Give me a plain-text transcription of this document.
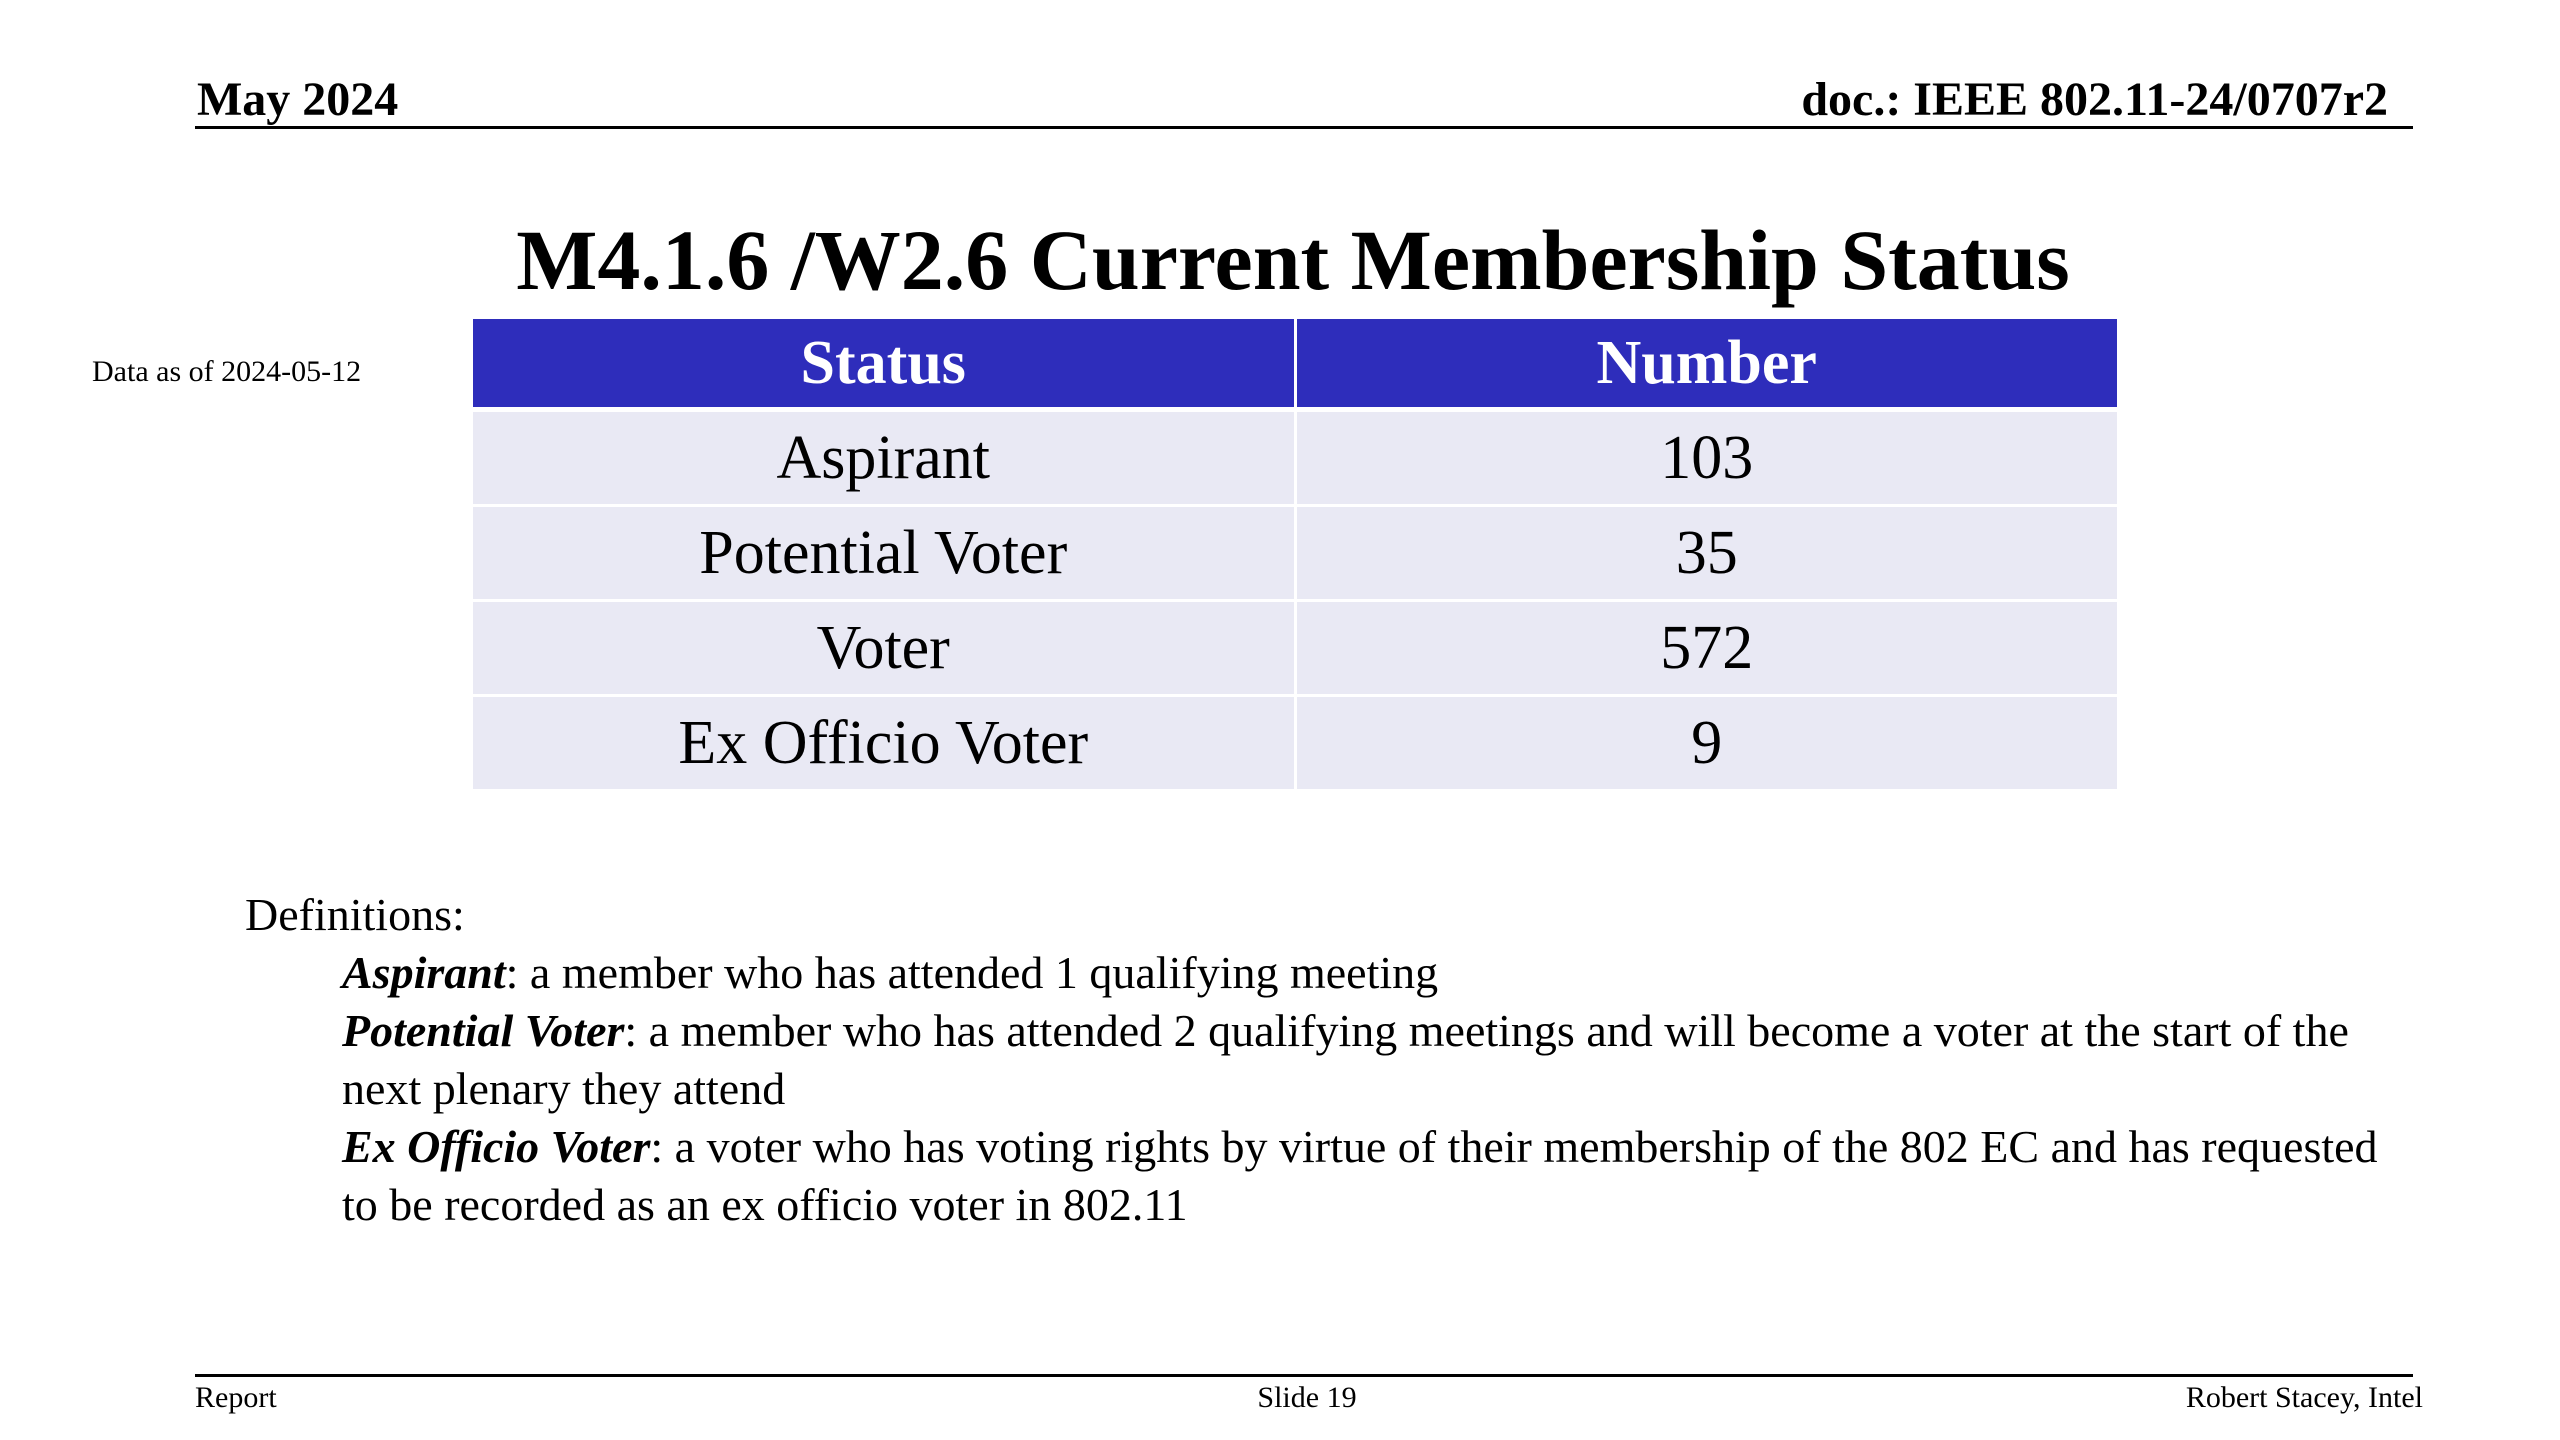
May 2024	doc.: IEEE 802.11-24/0707r2
M4.1.6 /W2.6 Current Membership Status
Data as of 2024-05-12	Status	Number
Aspirant	103
Potential Voter	35
Voter	572
Ex Officio Voter	9

Definitions:

Aspirant: a member who has attended 1 qualifying meeting

Potential Voter: a member who has attended 2 qualifying meetings and will become a voter at the start of the next plenary they attend

Ex Officio Voter: a voter who has voting rights by virtue of their membership of the 802 EC and has requested to be recorded as an ex officio voter in 802.11

Report	Slide 19	Robert Stacey, Intel
